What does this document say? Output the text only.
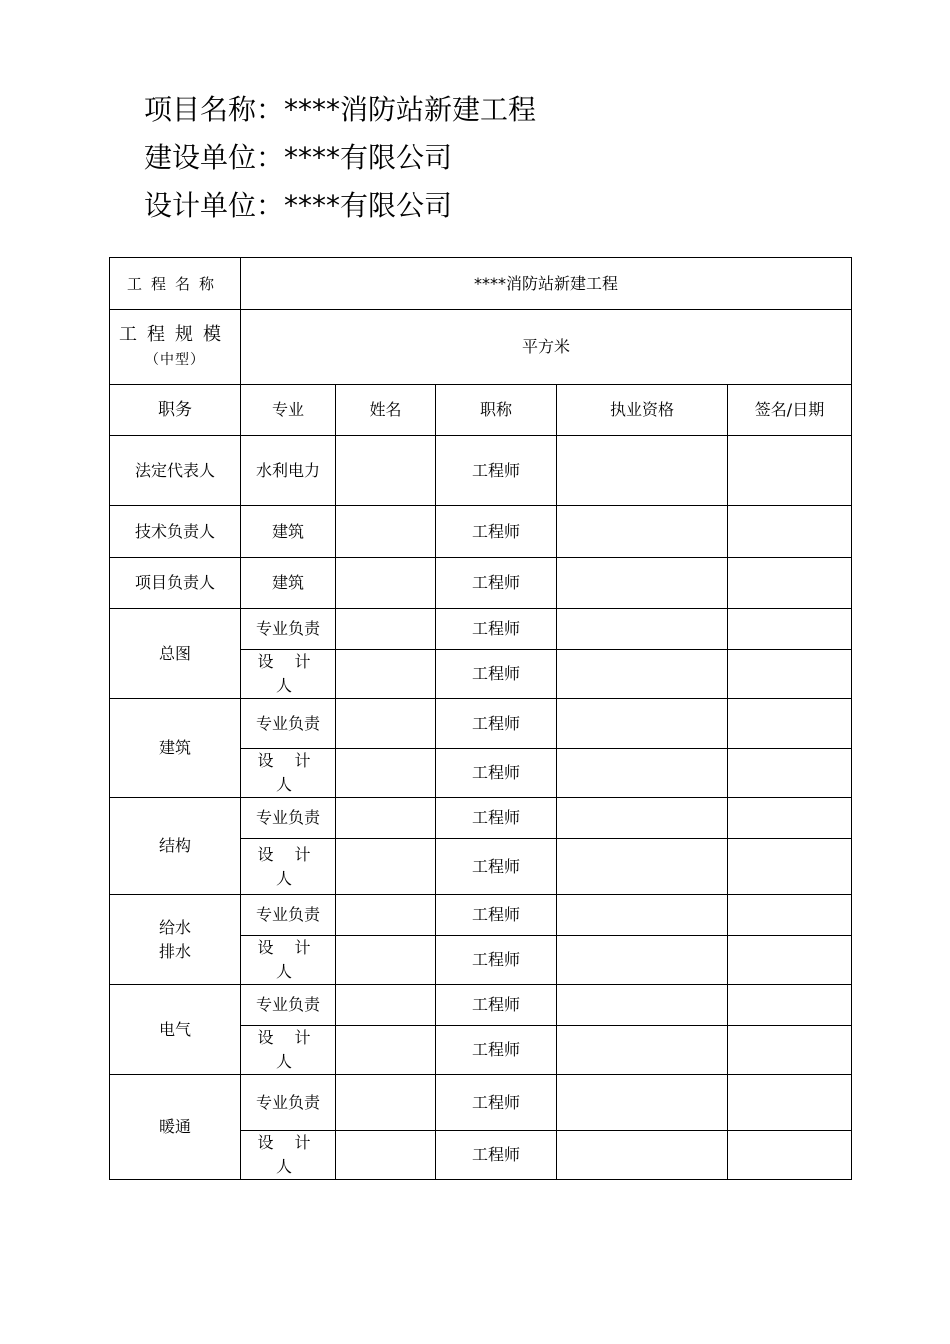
项目名称：****消防站新建工程
建设单位：****有限公司
设计单位：****有限公司
工程名称	****消防站新建工程				
工程规模
（中型）	平方米				
职务	专业	姓名	职称	执业资格	签名/日期
法定代表人	水利电力		工程师		
技术负责人	建筑		工程师		
项目负责人	建筑		工程师		
总图	专业负责		工程师		
	设 计 人		工程师		
建筑	专业负责		工程师		
	设 计 人		工程师		
结构	专业负责		工程师		
	设 计 人		工程师		

给水
排水	专业负责		工程师		
	设 计 人		工程师		
电气	专业负责		工程师		
	设 计 人		工程师		
暖通	专业负责		工程师		
	设 计 人		工程师		
